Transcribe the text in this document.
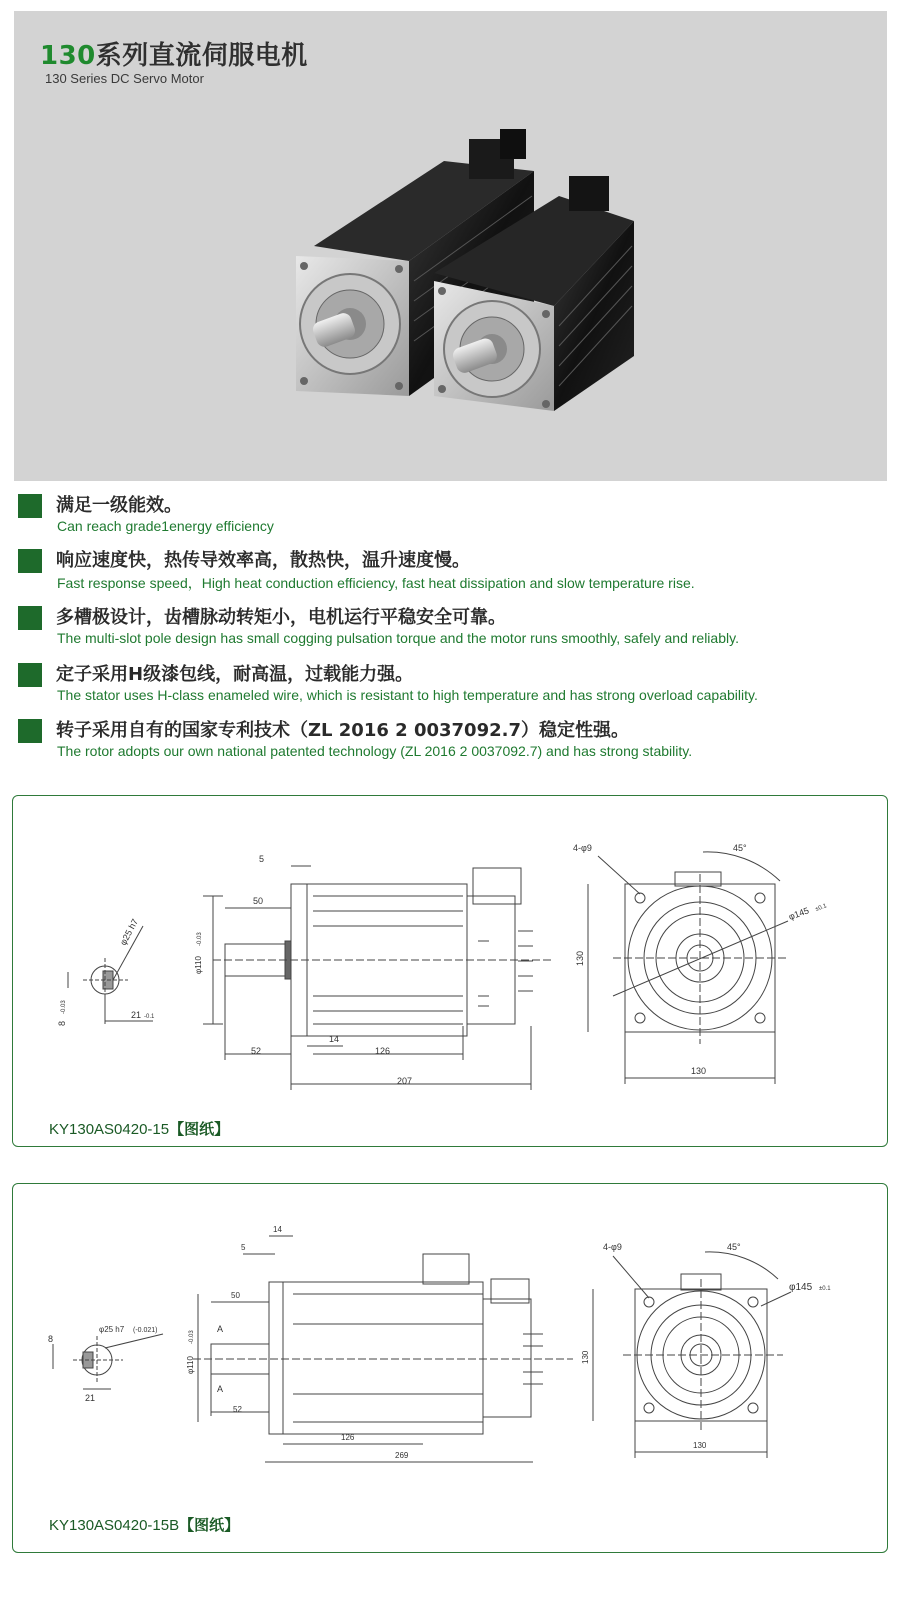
130系列直流伺服电机
130 Series DC Servo Motor
满足一级能效。
Can reach grade1energy efficiency
响应速度快，热传导效率高，散热快，温升速度慢。
Fast response speed，High heat conduction efficiency, fast heat dissipation and slow temperature rise.
多槽极设计，齿槽脉动转矩小，电机运行平稳安全可靠。
The multi-slot pole design has small cogging pulsation torque and the motor runs smoothly, safely and reliably.
定子采用H级漆包线，耐高温，过载能力强。
The stator uses H-class enameled wire, which is resistant to high temperature and has strong overload capability.
转子采用自有的国家专利技术（ZL 2016 2 0037092.7）稳定性强。
The rotor adopts our own national patented technology (ZL 2016 2 0037092.7) and has strong stability.
φ25 h7
8
-0.03
21 -0.1
5
50
φ110
-0.03
14
52	126
207
4-φ9	45°
φ145 ±0.1
130
130
KY130AS0420-15【图纸】
φ25 h7 (-0.021)
8
21
A
A
14
5
50
φ110
-0.03
52
126
269
4-φ9	45°
φ145 ±0.1
130
130
KY130AS0420-15B【图纸】
